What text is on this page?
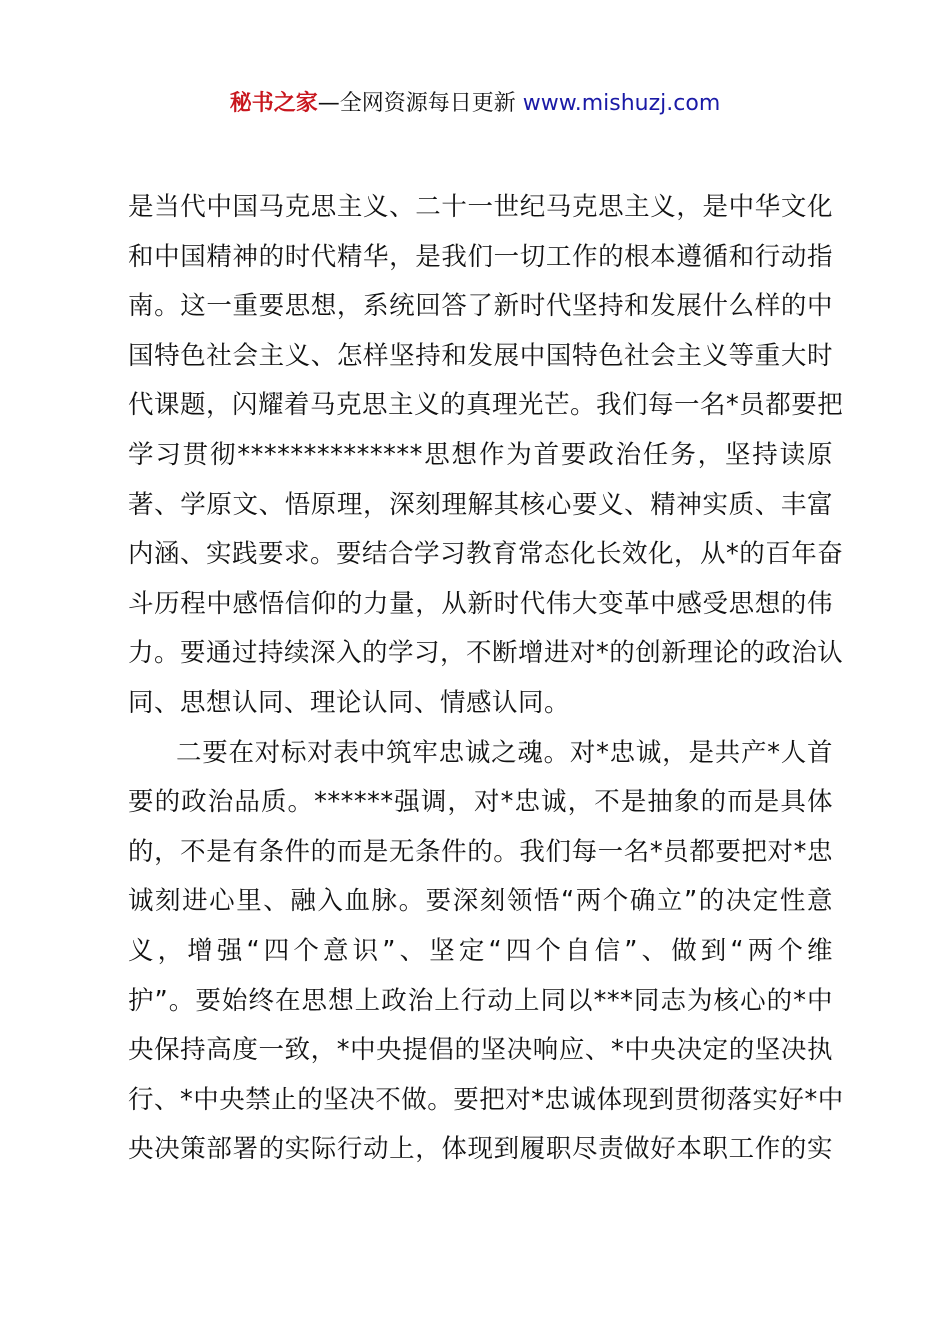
秘书之家—全网资源每日更新 www.mishuzj.com
是当代中国马克思主义、二十一世纪马克思主义，是中华文化
和中国精神的时代精华，是我们一切工作的根本遵循和行动指
南。这一重要思想，系统回答了新时代坚持和发展什么样的中
国特色社会主义、怎样坚持和发展中国特色社会主义等重大时
代课题，闪耀着马克思主义的真理光芒。我们每一名*员都要把
学习贯彻**************思想作为首要政治任务，坚持读原
著、学原文、悟原理，深刻理解其核心要义、精神实质、丰富
内涵、实践要求。要结合学习教育常态化长效化，从*的百年奋
斗历程中感悟信仰的力量，从新时代伟大变革中感受思想的伟
力。要通过持续深入的学习，不断增进对*的创新理论的政治认
同、思想认同、理论认同、情感认同。
二要在对标对表中筑牢忠诚之魂。对*忠诚，是共产*人首
要的政治品质。******强调，对*忠诚，不是抽象的而是具体
的，不是有条件的而是无条件的。我们每一名*员都要把对*忠
诚刻进心里、融入血脉。要深刻领悟“两个确立”的决定性意
义，增强“四个意识”、坚定“四个自信”、做到“两个维
护”。要始终在思想上政治上行动上同以***同志为核心的*中
央保持高度一致，*中央提倡的坚决响应、*中央决定的坚决执
行、*中央禁止的坚决不做。要把对*忠诚体现到贯彻落实好*中
央决策部署的实际行动上，体现到履职尽责做好本职工作的实
